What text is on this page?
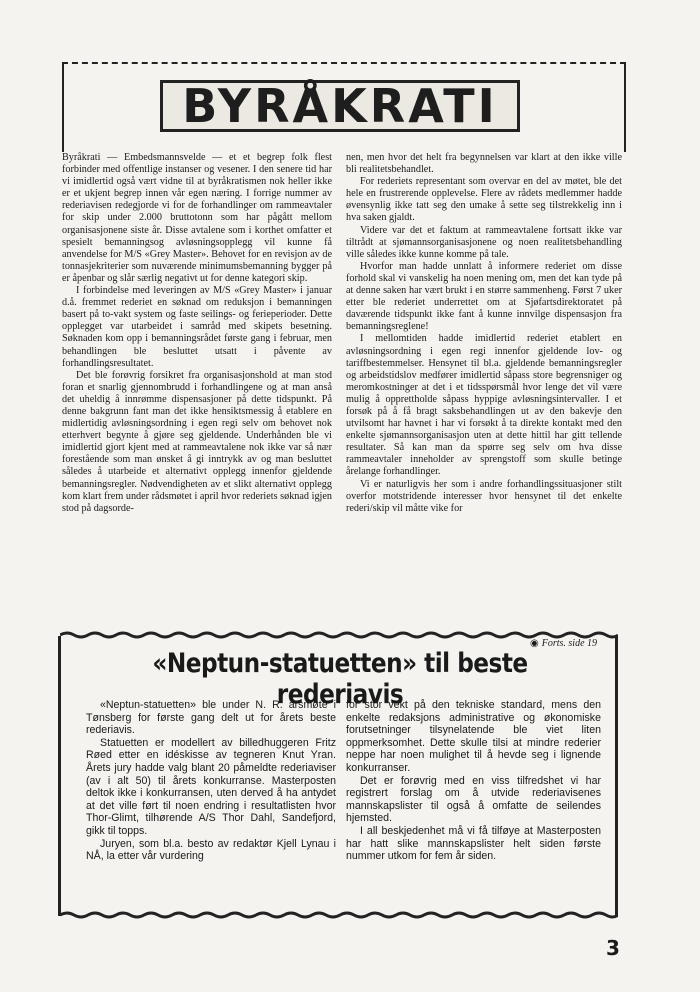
BYRÅKRATI

Byråkrati — Embedsmannsvelde — et et begrep folk flest forbinder med offentlige instanser og vesener. I den senere tid har vi imidlertid også vært vidne til at byråkratismen nok heller ikke er et ukjent begrep innen vår egen næring. I forrige nummer av rederiavisen redegjorde vi for de forhandlinger om rammeavtaler for skip under 2.000 bruttotonn som har pågått mellom organisasjonene siste år. Disse avtalene som i korthet omfatter et spesielt bemanningsog avløsningsopplegg vil kunne få anvendelse for M/S «Grey Master». Behovet for en revisjon av de tonnasjekriterier som nuværende minimumsbemanning bygger på er åpenbar og slår særlig negativt ut for denne kategori skip.

I forbindelse med leveringen av M/S «Grey Master» i januar d.å. fremmet rederiet en søknad om reduksjon i bemanningen basert på to-vakt system og faste seilings- og ferieperioder. Dette opplegget var utarbeidet i samråd med skipets besetning. Søknaden kom opp i bemanningsrådet første gang i februar, men behandlingen ble besluttet utsatt i påvente av forhandlingsresultatet.

Det ble forøvrig forsikret fra organisasjonshold at man stod foran et snarlig gjennombrudd i forhandlingene og at man anså det uheldig å innrømme dispensasjoner på dette tidspunkt. På denne bakgrunn fant man det ikke hensiktsmessig å etablere en midlertidig avløsningsordning i egen regi selv om behovet nok etterhvert begynte å gjøre seg gjeldende. Underhånden ble vi imidlertid gjort kjent med at rammeavtalene nok ikke var så nær forestående som man ønsket å gi inntrykk av og man besluttet således å utarbeide et alternativt opplegg innenfor gjeldende bemanningsregler. Nødvendigheten av et slikt alternativt opplegg kom klart frem under rådsmøtet i april hvor rederiets søknad igjen stod på dagsorde-

nen, men hvor det helt fra begynnelsen var klart at den ikke ville bli realitetsbehandlet.

For rederiets representant som overvar en del av møtet, ble det hele en frustrerende opplevelse. Flere av rådets medlemmer hadde øvensynlig ikke tatt seg den umake å sette seg tilstrekkelig inn i hva saken gjaldt.

Videre var det et faktum at rammeavtalene fortsatt ikke var tiltrådt at sjømannsorganisasjonene og noen realitetsbehandling ville således ikke kunne komme på tale.

Hvorfor man hadde unnlatt å informere rederiet om disse forhold skal vi vanskelig ha noen mening om, men det kan tyde på at denne saken har vært brukt i en større sammenheng. Først 7 uker etter ble rederiet underrettet om at Sjøfartsdirektoratet på daværende tidspunkt ikke fant å kunne innvilge dispensasjon fra bemanningsreglene!

I mellomtiden hadde imidlertid rederiet etablert en avløsningsordning i egen regi innenfor gjeldende lov- og tariffbestemmelser. Hensynet til bl.a. gjeldende bemanningsregler og arbeidstidslov medfører imidlertid såpass store begrensniger og meromkostninger at det i et tidsspørsmål hvor lenge det vil være mulig å opprettholde såpass hyppige avløsningsintervaller. I et forsøk på å få bragt saksbehandlingen ut av den bakevje den utvilsomt har havnet i har vi forsøkt å ta direkte kontakt med den enkelte sjømannsorganisasjon uten at dette hittil har gitt tellende resultater. Så kan man da spørre seg selv om hva disse rammeavtaler inneholder av sprengstoff som skulle betinge årelange forhandlinger.

Vi er naturligvis her som i andre forhandlingssituasjoner stilt overfor motstridende interesser hvor hensynet til det enkelte rederi/skip vil måtte vike for

◉ Forts. side 19
«Neptun-statuetten» til beste rederiavis

«Neptun-statuetten» ble under N. R. årsmøte i Tønsberg for første gang delt ut for årets beste rederiavis.

Statuetten er modellert av billedhuggeren Fritz Røed etter en idéskisse av tegneren Knut Yran. Årets jury hadde valg blant 20 påmeldte rederiaviser (av i alt 50) til årets konkurranse. Masterposten deltok ikke i konkurransen, uten derved å ha antydet at det ville ført til noen endring i resultatlisten hvor Thor-Glimt, tilhørende A/S Thor Dahl, Sandefjord, gikk til topps.

Juryen, som bl.a. besto av redaktør Kjell Lynau i NÅ, la etter vår vurdering

for stor vekt på den tekniske standard, mens den enkelte redaksjons administrative og økonomiske forutsetninger tilsynelatende ble viet liten oppmerksomhet. Dette skulle tilsi at mindre rederier neppe har noen mulighet til å hevde seg i lignende konkurranser.

Det er forøvrig med en viss tilfredshet vi har registrert forslag om å utvide rederiavisenes mannskapslister til også å omfatte de seilendes hjemsted.

I all beskjedenhet må vi få tilføye at Masterposten har hatt slike mannskapslister helt siden første nummer utkom for fem år siden.

3
